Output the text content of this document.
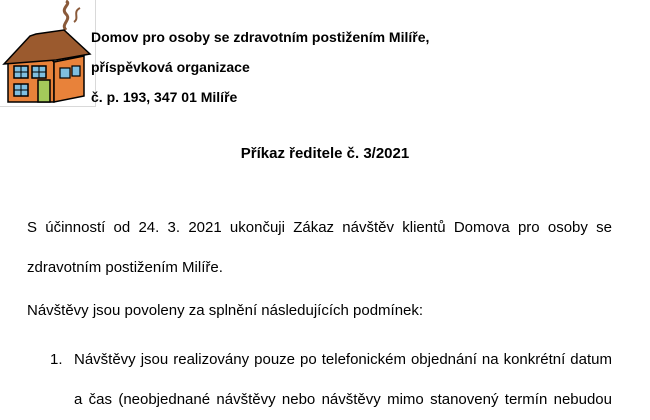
Domov pro osoby se zdravotním postižením Milíře,
příspěvková organizace
č. p. 193, 347 01 Milíře
Příkaz ředitele č. 3/2021
S účinností od 24. 3. 2021 ukončuji Zákaz návštěv klientů Domova pro osoby se
zdravotním postižením Milíře.
Návštěvy jsou povoleny za splnění následujících podmínek:
1. Návštěvy jsou realizovány pouze po telefonickém objednání na konkrétní datum
a čas (neobjednané návštěvy nebo návštěvy mimo stanovený termín nebudou
